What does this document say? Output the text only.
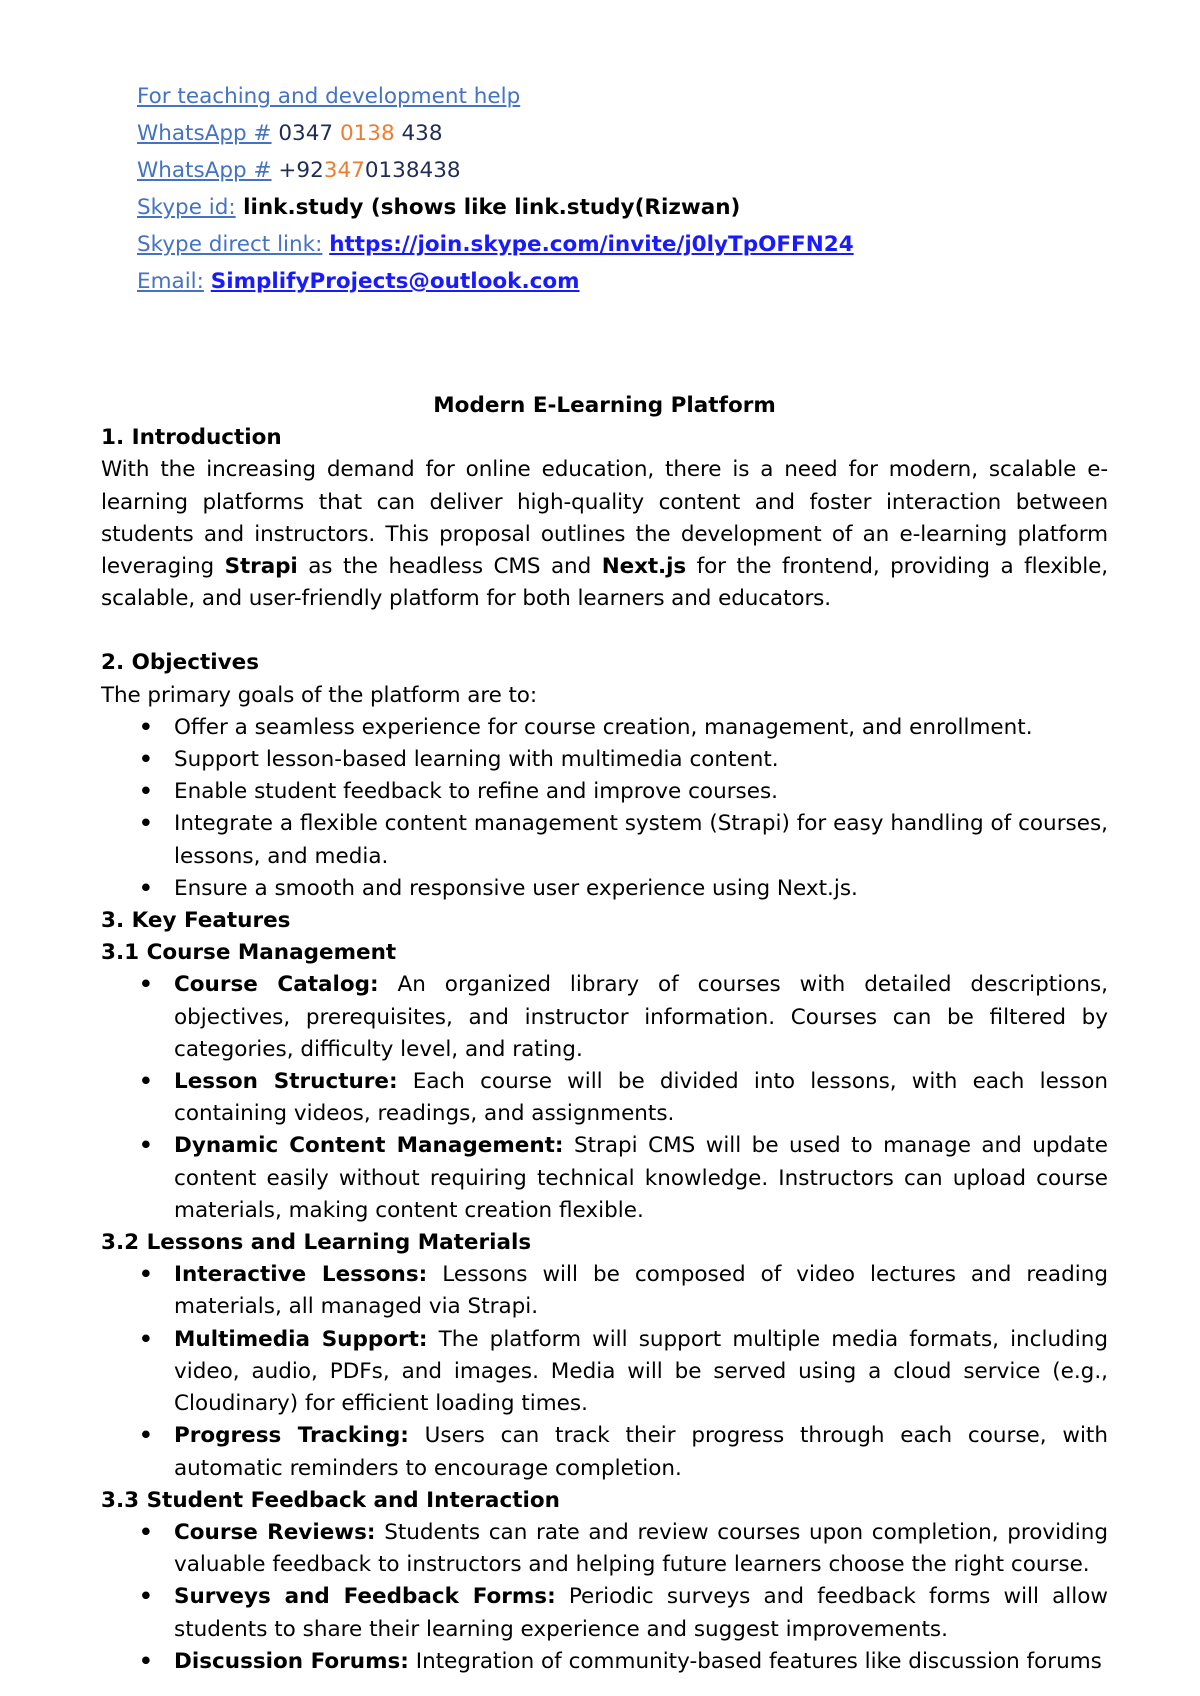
For teaching and development help
WhatsApp # 0347 0138 438
WhatsApp # +923470138438
Skype id: link.study (shows like link.study(Rizwan)
Skype direct link: https://join.skype.com/invite/j0lyTpOFFN24
Email: SimplifyProjects@outlook.com

Modern E-Learning Platform

1. Introduction

With the increasing demand for online education, there is a need for modern, scalable e-learning platforms that can deliver high-quality content and foster interaction between students and instructors. This proposal outlines the development of an e-learning platform leveraging Strapi as the headless CMS and Next.js for the frontend, providing a flexible, scalable, and user-friendly platform for both learners and educators.

2. Objectives

The primary goals of the platform are to:

• Offer a seamless experience for course creation, management, and enrollment.
• Support lesson-based learning with multimedia content.
• Enable student feedback to refine and improve courses.
• Integrate a flexible content management system (Strapi) for easy handling of courses, lessons, and media.
• Ensure a smooth and responsive user experience using Next.js.

3. Key Features

3.1 Course Management

• Course Catalog: An organized library of courses with detailed descriptions, objectives, prerequisites, and instructor information. Courses can be filtered by categories, difficulty level, and rating.
• Lesson Structure: Each course will be divided into lessons, with each lesson containing videos, readings, and assignments.
• Dynamic Content Management: Strapi CMS will be used to manage and update content easily without requiring technical knowledge. Instructors can upload course materials, making content creation flexible.

3.2 Lessons and Learning Materials

• Interactive Lessons: Lessons will be composed of video lectures and reading materials, all managed via Strapi.
• Multimedia Support: The platform will support multiple media formats, including video, audio, PDFs, and images. Media will be served using a cloud service (e.g., Cloudinary) for efficient loading times.
• Progress Tracking: Users can track their progress through each course, with automatic reminders to encourage completion.

3.3 Student Feedback and Interaction

• Course Reviews: Students can rate and review courses upon completion, providing valuable feedback to instructors and helping future learners choose the right course.
• Surveys and Feedback Forms: Periodic surveys and feedback forms will allow students to share their learning experience and suggest improvements.
• Discussion Forums: Integration of community-based features like discussion forums
